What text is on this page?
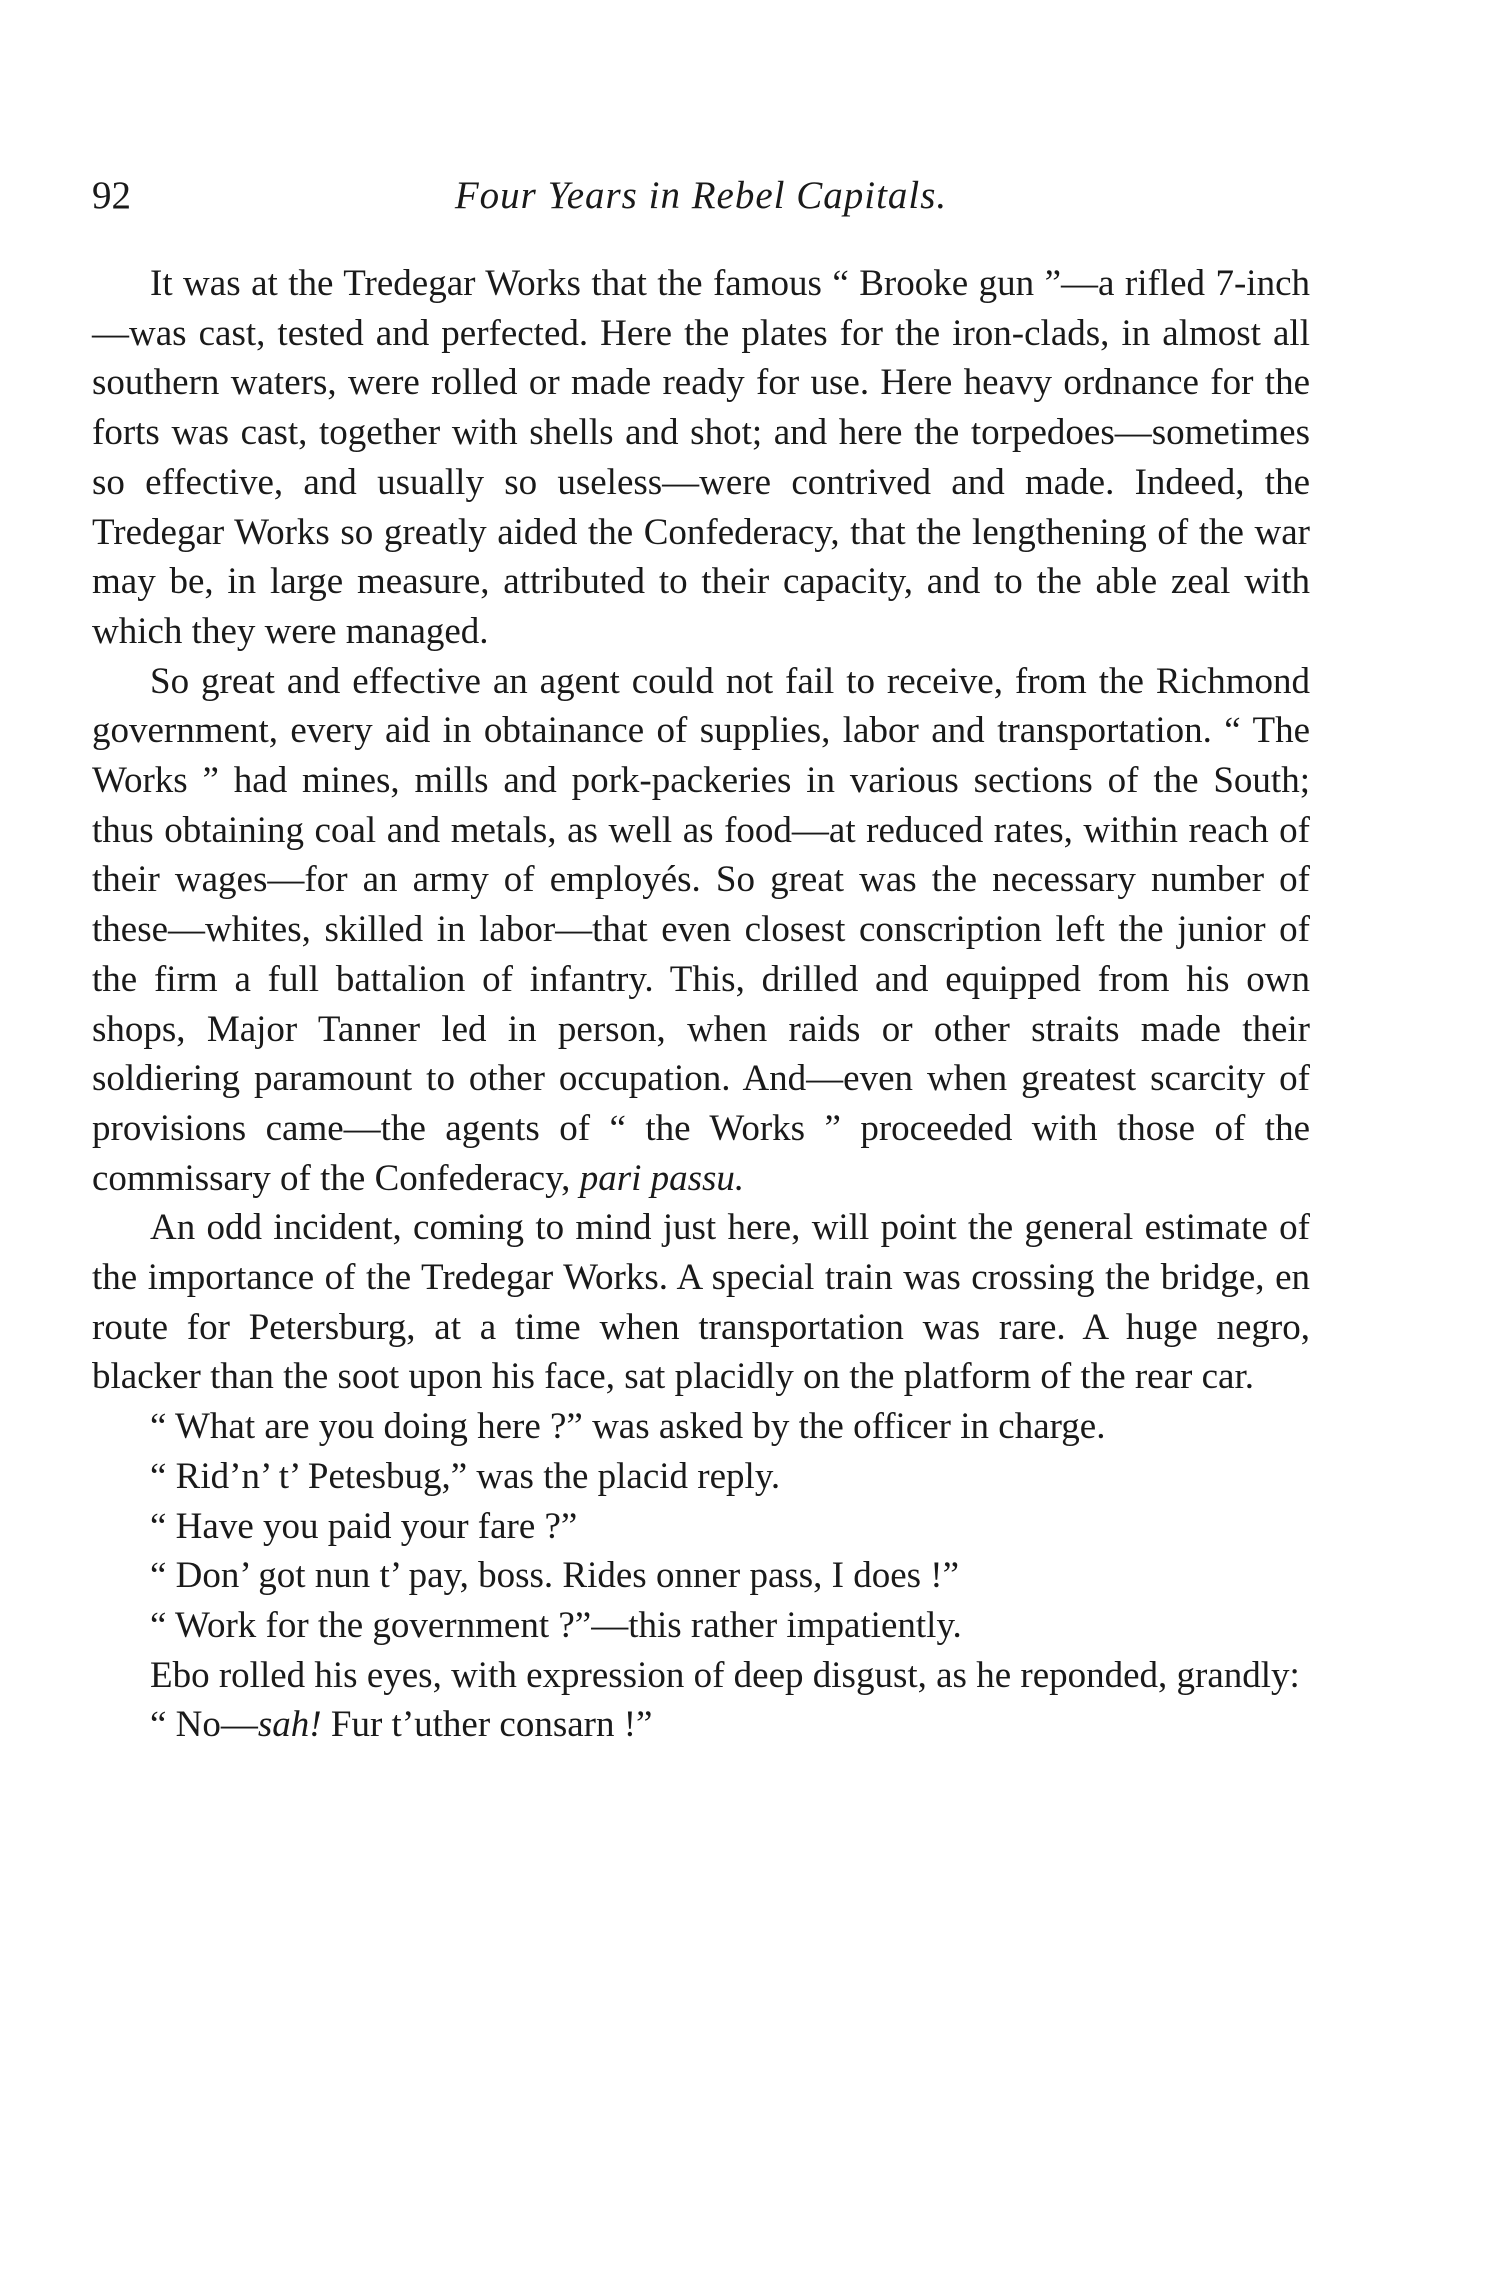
92	Four Years in Rebel Capitals.

It was at the Tredegar Works that the famous “ Brooke gun ”—a rifled 7-inch—was cast, tested and perfected. Here the plates for the iron-clads, in almost all southern waters, were rolled or made ready for use. Here heavy ordnance for the forts was cast, together with shells and shot; and here the torpedoes—sometimes so effective, and usually so useless—were contrived and made. Indeed, the Tredegar Works so greatly aided the Confederacy, that the lengthening of the war may be, in large measure, attributed to their capacity, and to the able zeal with which they were managed.

So great and effective an agent could not fail to receive, from the Richmond government, every aid in obtainance of supplies, labor and transportation. “ The Works ” had mines, mills and pork-packeries in various sections of the South; thus obtaining coal and metals, as well as food—at reduced rates, within reach of their wages—for an army of employés. So great was the necessary number of these—whites, skilled in labor—that even closest conscription left the junior of the firm a full battalion of infantry. This, drilled and equipped from his own shops, Major Tanner led in person, when raids or other straits made their soldiering paramount to other occupation. And—even when greatest scarcity of provisions came—the agents of “ the Works ” proceeded with those of the commissary of the Confederacy, pari passu.

An odd incident, coming to mind just here, will point the general estimate of the importance of the Tredegar Works. A special train was crossing the bridge, en route for Petersburg, at a time when transportation was rare. A huge negro, blacker than the soot upon his face, sat placidly on the platform of the rear car.

“ What are you doing here ?” was asked by the officer in charge.

“ Rid’n’ t’ Petesbug,” was the placid reply.

“ Have you paid your fare ?”

“ Don’ got nun t’ pay, boss. Rides onner pass, I does !”

“ Work for the government ?”—this rather impatiently.

Ebo rolled his eyes, with expression of deep disgust, as he reponded, grandly:

“ No—sah! Fur t’uther consarn !”
